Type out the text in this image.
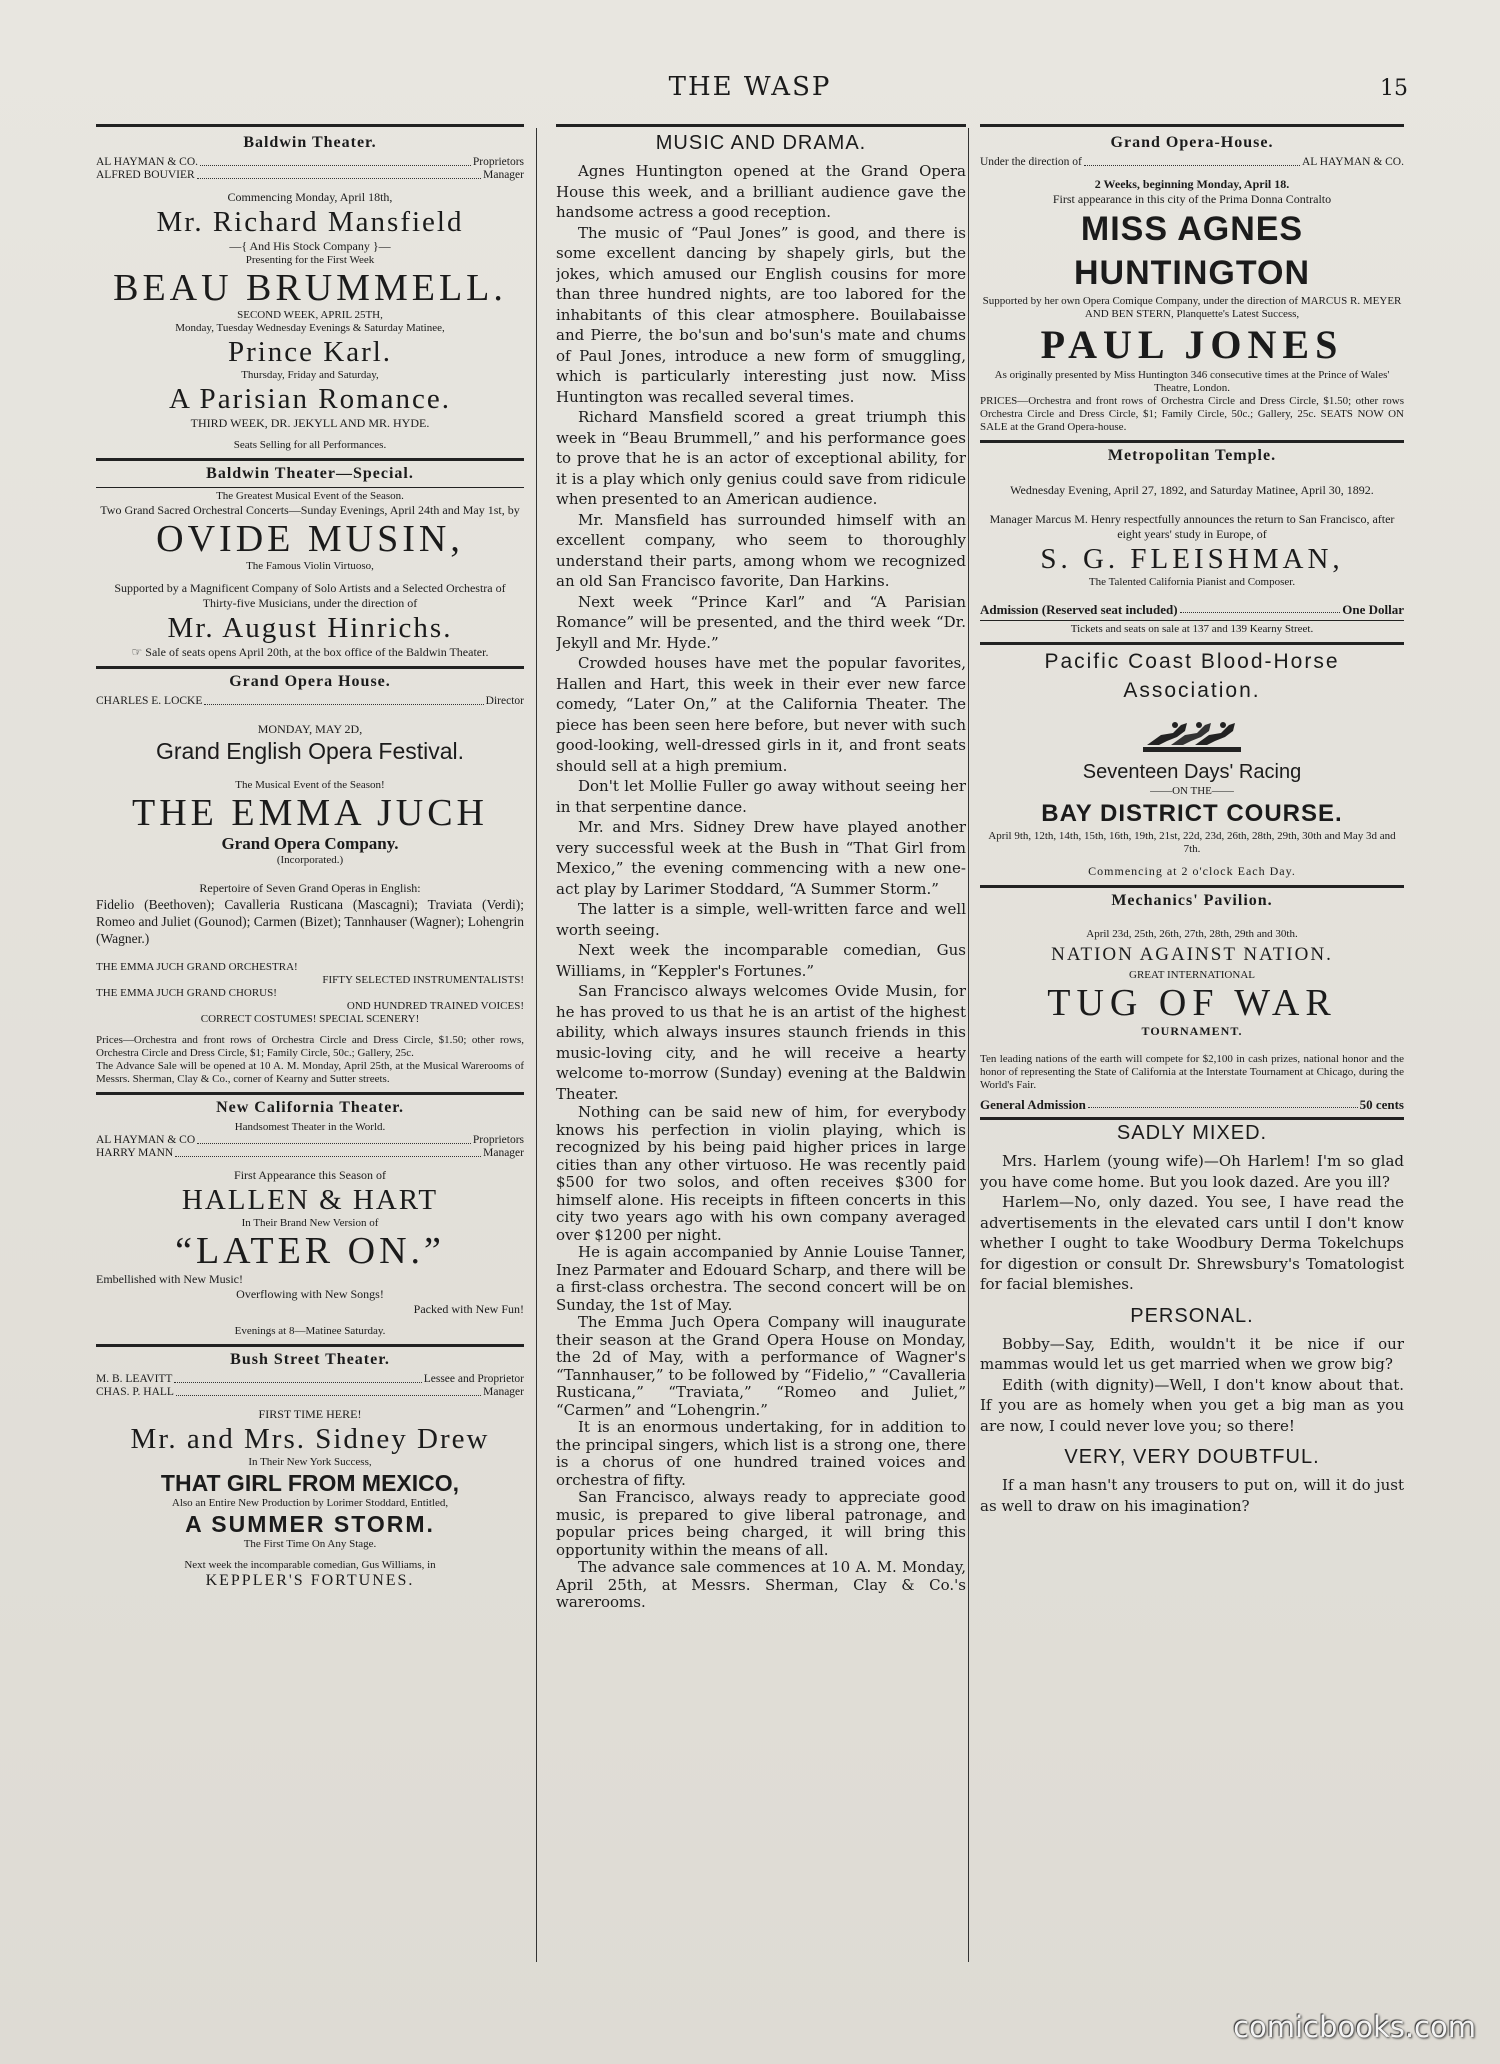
THE WASP	15
Baldwin Theater.
AL HAYMAN & CO.	Proprietors
ALFRED BOUVIER	Manager
Commencing Monday, April 18th,
Mr. Richard Mansfield
—{ And His Stock Company }—
Presenting for the First Week
BEAU BRUMMELL.
SECOND WEEK, APRIL 25TH,
Monday, Tuesday Wednesday Evenings & Saturday Matinee,
Prince Karl.
Thursday, Friday and Saturday,
A Parisian Romance.
THIRD WEEK, DR. JEKYLL AND MR. HYDE.
Seats Selling for all Performances.
Baldwin Theater—Special.
The Greatest Musical Event of the Season.
Two Grand Sacred Orchestral Concerts—Sunday Evenings, April 24th and May 1st, by
OVIDE MUSIN,
The Famous Violin Virtuoso,
Supported by a Magnificent Company of Solo Artists and a Selected Orchestra of Thirty-five Musicians, under the direction of
Mr. August Hinrichs.
☞ Sale of seats opens April 20th, at the box office of the Baldwin Theater.
Grand Opera House.
CHARLES E. LOCKE	Director
MONDAY, MAY 2D,
Grand English Opera Festival.
The Musical Event of the Season!
THE EMMA JUCH
Grand Opera Company.
(Incorporated.)
Repertoire of Seven Grand Operas in English:
Fidelio (Beethoven); Cavalleria Rusticana (Mascagni); Traviata (Verdi); Romeo and Juliet (Gounod); Carmen (Bizet); Tannhauser (Wagner); Lohengrin (Wagner.)
THE EMMA JUCH GRAND ORCHESTRA!
FIFTY SELECTED INSTRUMENTALISTS!
THE EMMA JUCH GRAND CHORUS!
OND HUNDRED TRAINED VOICES!
CORRECT COSTUMES! SPECIAL SCENERY!
Prices—Orchestra and front rows of Orchestra Circle and Dress Circle, $1.50; other rows, Orchestra Circle and Dress Circle, $1; Family Circle, 50c.; Gallery, 25c.
The Advance Sale will be opened at 10 A. M. Monday, April 25th, at the Musical Warerooms of Messrs. Sherman, Clay & Co., corner of Kearny and Sutter streets.
New California Theater.
Handsomest Theater in the World.
AL HAYMAN & CO	Proprietors
HARRY MANN	Manager
First Appearance this Season of
HALLEN & HART
In Their Brand New Version of
“LATER ON.”
Embellished with New Music!
Overflowing with New Songs!
Packed with New Fun!
Evenings at 8—Matinee Saturday.
Bush Street Theater.
M. B. LEAVITT	Lessee and Proprietor
CHAS. P. HALL	Manager
FIRST TIME HERE!
Mr. and Mrs. Sidney Drew
In Their New York Success,
THAT GIRL FROM MEXICO,
Also an Entire New Production by Lorimer Stoddard, Entitled,
A SUMMER STORM.
The First Time On Any Stage.
Next week the incomparable comedian, Gus Williams, in
KEPPLER'S FORTUNES.
MUSIC AND DRAMA.

Agnes Huntington opened at the Grand Opera House this week, and a brilliant audience gave the handsome actress a good reception.

The music of “Paul Jones” is good, and there is some excellent dancing by shapely girls, but the jokes, which amused our English cousins for more than three hundred nights, are too labored for the inhabitants of this clear atmosphere. Bouilabaisse and Pierre, the bo'sun and bo'sun's mate and chums of Paul Jones, introduce a new form of smuggling, which is particularly interesting just now. Miss Huntington was recalled several times.

Richard Mansfield scored a great triumph this week in “Beau Brummell,” and his performance goes to prove that he is an actor of exceptional ability, for it is a play which only genius could save from ridicule when presented to an American audience.

Mr. Mansfield has surrounded himself with an excellent company, who seem to thoroughly understand their parts, among whom we recognized an old San Francisco favorite, Dan Harkins.

Next week “Prince Karl” and “A Parisian Romance” will be presented, and the third week “Dr. Jekyll and Mr. Hyde.”

Crowded houses have met the popular favorites, Hallen and Hart, this week in their ever new farce comedy, “Later On,” at the California Theater. The piece has been seen here before, but never with such good-looking, well-dressed girls in it, and front seats should sell at a high premium.

Don't let Mollie Fuller go away without seeing her in that serpentine dance.

Mr. and Mrs. Sidney Drew have played another very successful week at the Bush in “That Girl from Mexico,” the evening commencing with a new one-act play by Larimer Stoddard, “A Summer Storm.”

The latter is a simple, well-written farce and well worth seeing.

Next week the incomparable comedian, Gus Williams, in “Keppler's Fortunes.”

San Francisco always welcomes Ovide Musin, for he has proved to us that he is an artist of the highest ability, which always insures staunch friends in this music-loving city, and he will receive a hearty welcome to-morrow (Sunday) evening at the Baldwin Theater.

Nothing can be said new of him, for everybody knows his perfection in violin playing, which is recognized by his being paid higher prices in large cities than any other virtuoso. He was recently paid $500 for two solos, and often receives $300 for himself alone. His receipts in fifteen concerts in this city two years ago with his own company averaged over $1200 per night.

He is again accompanied by Annie Louise Tanner, Inez Parmater and Edouard Scharp, and there will be a first-class orchestra. The second concert will be on Sunday, the 1st of May.

The Emma Juch Opera Company will inaugurate their season at the Grand Opera House on Monday, the 2d of May, with a performance of Wagner's “Tannhauser,” to be followed by “Fidelio,” “Cavalleria Rusticana,” “Traviata,” “Romeo and Juliet,” “Carmen” and “Lohengrin.”

It is an enormous undertaking, for in addition to the principal singers, which list is a strong one, there is a chorus of one hundred trained voices and orchestra of fifty.

San Francisco, always ready to appreciate good music, is prepared to give liberal patronage, and popular prices being charged, it will bring this opportunity within the means of all.

The advance sale commences at 10 A. M. Monday, April 25th, at Messrs. Sherman, Clay & Co.'s warerooms.

Grand Opera-House.
Under the direction of	AL HAYMAN & CO.
2 Weeks, beginning Monday, April 18.
First appearance in this city of the Prima Donna Contralto
MISS AGNES HUNTINGTON
Supported by her own Opera Comique Company, under the direction of MARCUS R. MEYER AND BEN STERN, Planquette's Latest Success,
PAUL JONES
As originally presented by Miss Huntington 346 consecutive times at the Prince of Wales' Theatre, London.
PRICES—Orchestra and front rows of Orchestra Circle and Dress Circle, $1.50; other rows Orchestra Circle and Dress Circle, $1; Family Circle, 50c.; Gallery, 25c. SEATS NOW ON SALE at the Grand Opera-house.
Metropolitan Temple.
Wednesday Evening, April 27, 1892, and Saturday Matinee, April 30, 1892.
Manager Marcus M. Henry respectfully announces the return to San Francisco, after eight years' study in Europe, of
S. G. FLEISHMAN,
The Talented California Pianist and Composer.
Admission (Reserved seat included)	One Dollar
Tickets and seats on sale at 137 and 139 Kearny Street.
Pacific Coast Blood-Horse Association.
Seventeen Days' Racing
——ON THE——
BAY DISTRICT COURSE.
April 9th, 12th, 14th, 15th, 16th, 19th, 21st, 22d, 23d, 26th, 28th, 29th, 30th and May 3d and 7th.
Commencing at 2 o'clock Each Day.
Mechanics' Pavilion.
April 23d, 25th, 26th, 27th, 28th, 29th and 30th.
NATION AGAINST NATION.
GREAT INTERNATIONAL
TUG OF WAR
TOURNAMENT.
Ten leading nations of the earth will compete for $2,100 in cash prizes, national honor and the honor of representing the State of California at the Interstate Tournament at Chicago, during the World's Fair.
General Admission	50 cents
SADLY MIXED.

Mrs. Harlem (young wife)—Oh Harlem! I'm so glad you have come home. But you look dazed. Are you ill?

Harlem—No, only dazed. You see, I have read the advertisements in the elevated cars until I don't know whether I ought to take Woodbury Derma Tokelchups for digestion or consult Dr. Shrewsbury's Tomatologist for facial blemishes.

PERSONAL.

Bobby—Say, Edith, wouldn't it be nice if our mammas would let us get married when we grow big?

Edith (with dignity)—Well, I don't know about that. If you are as homely when you get a big man as you are now, I could never love you; so there!

VERY, VERY DOUBTFUL.

If a man hasn't any trousers to put on, will it do just as well to draw on his imagination?

comicbooks.com
